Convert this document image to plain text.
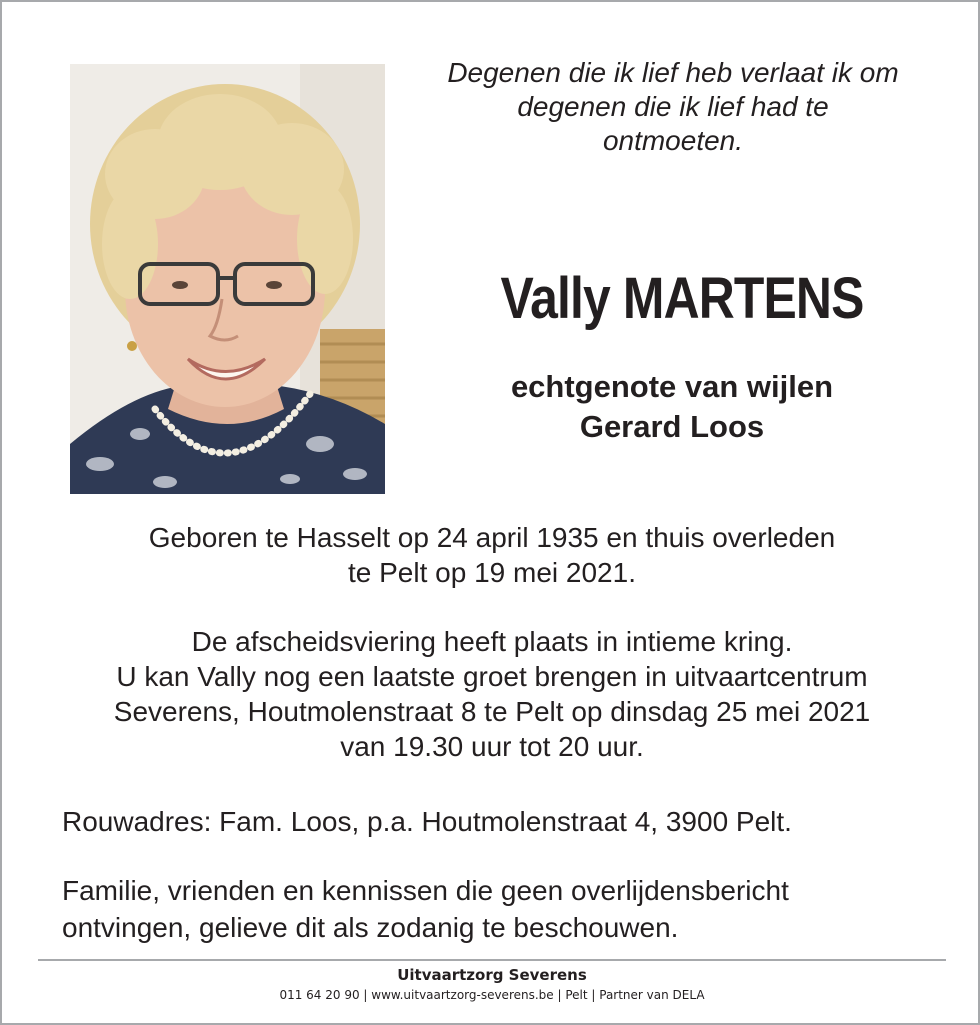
Degenen die ik lief heb verlaat ik om
degenen die ik lief had te
ontmoeten.
Vally MARTENS
echtgenote van wijlen
Gerard Loos
Geboren te Hasselt op 24 april 1935 en thuis overleden
te Pelt op 19 mei 2021.
De afscheidsviering heeft plaats in intieme kring.
U kan Vally nog een laatste groet brengen in uitvaartcentrum
Severens, Houtmolenstraat 8 te Pelt op dinsdag 25 mei 2021
van 19.30 uur tot 20 uur.
Rouwadres: Fam. Loos, p.a. Houtmolenstraat 4, 3900 Pelt.
Familie, vrienden en kennissen die geen overlijdensbericht
ontvingen, gelieve dit als zodanig te beschouwen.
Uitvaartzorg Severens
011 64 20 90 | www.uitvaartzorg-severens.be | Pelt | Partner van DELA
